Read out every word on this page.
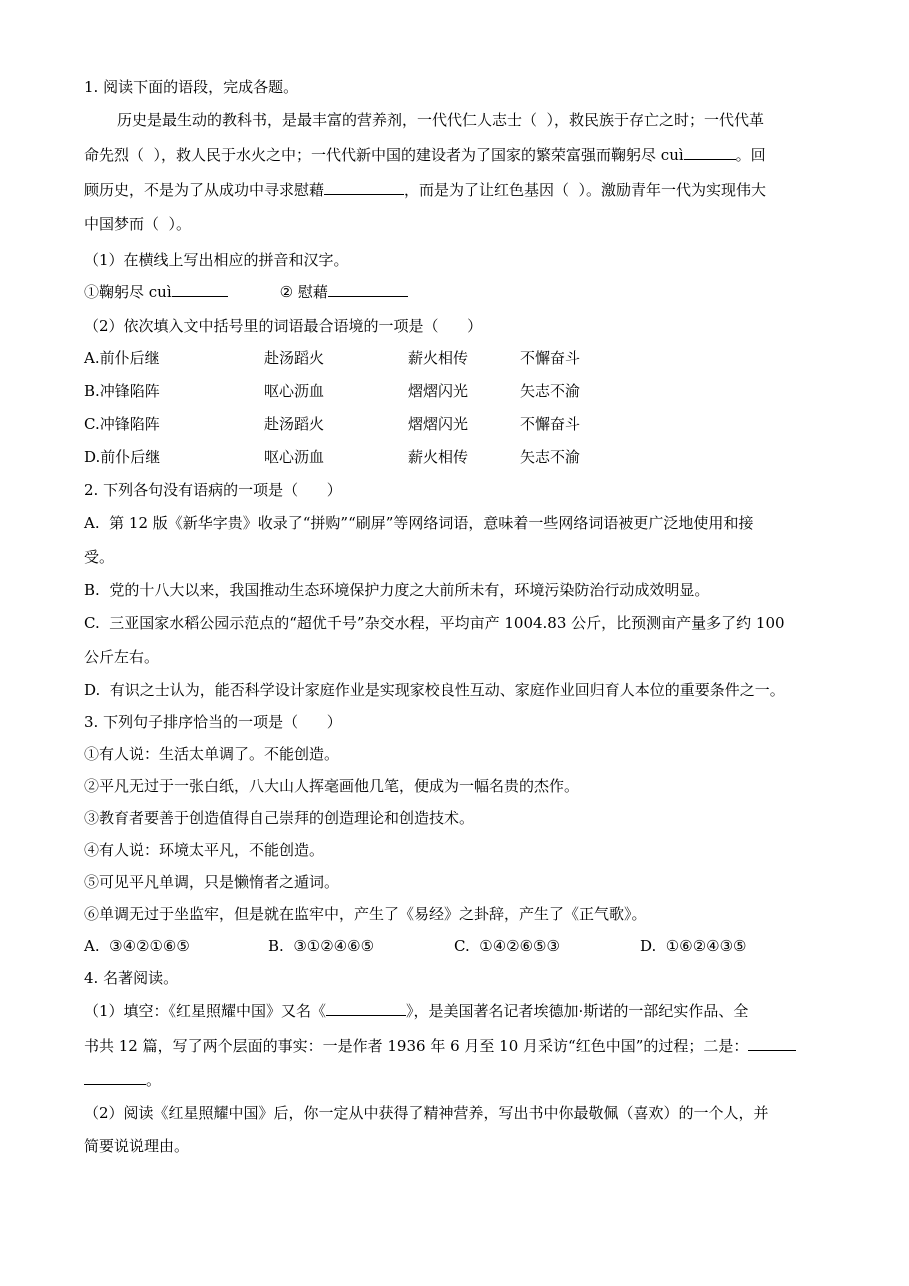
1. 阅读下面的语段，完成各题。
历史是最生动的教科书，是最丰富的营养剂，一代代仁人志士（  ），救民族于存亡之时；一代代革
命先烈（  ），救人民于水火之中；一代代新中国的建设者为了国家的繁荣富强而鞠躬尽 cuì	。回
顾历史，不是为了从成功中寻求慰藉	，而是为了让红色基因（  ）。激励青年一代为实现伟大
中国梦而（  ）。
（1）在横线上写出相应的拼音和汉字。
①鞠躬尽 cuì	② 慰藉
（2）依次填入文中括号里的词语最合语境的一项是（      ）
A.前仆后继	赴汤蹈火	薪火相传	不懈奋斗
B.冲锋陷阵	呕心沥血	熠熠闪光	矢志不渝
C.冲锋陷阵	赴汤蹈火	熠熠闪光	不懈奋斗
D.前仆后继	呕心沥血	薪火相传	矢志不渝
2. 下列各句没有语病的一项是（      ）
A.  第 12 版《新华字贵》收录了“拼购”“刷屏”等网络词语，意味着一些网络词语被更广泛地使用和接
受。
B.  党的十八大以来，我国推动生态环境保护力度之大前所未有，环境污染防治行动成效明显。
C.  三亚国家水稻公园示范点的“超优千号”杂交水程，平均亩产 1004.83 公斤，比预测亩产量多了约 100
公斤左右。
D.  有识之士认为，能否科学设计家庭作业是实现家校良性互动、家庭作业回归育人本位的重要条件之一。
3. 下列句子排序恰当的一项是（      ）
①有人说：生活太单调了。不能创造。
②平凡无过于一张白纸，八大山人挥毫画他几笔，便成为一幅名贵的杰作。
③教育者要善于创造值得自己崇拜的创造理论和创造技术。
④有人说：环境太平凡，不能创造。
⑤可见平凡单调，只是懒惰者之遁词。
⑥单调无过于坐监牢，但是就在监牢中，产生了《易经》之卦辞，产生了《正气歌》。
A.  ③④②①⑥⑤	B.  ③①②④⑥⑤	C.  ①④②⑥⑤③	D.  ①⑥②④③⑤
4. 名著阅读。
（1）填空：《红星照耀中国》又名《	》，是美国著名记者埃德加·斯诺的一部纪实作品、全
书共 12 篇，写了两个层面的事实：一是作者 1936 年 6 月至 10 月采访“红色中国”的过程；二是：
。
（2）阅读《红星照耀中国》后，你一定从中获得了精神营养，写出书中你最敬佩（喜欢）的一个人，并
简要说说理由。
